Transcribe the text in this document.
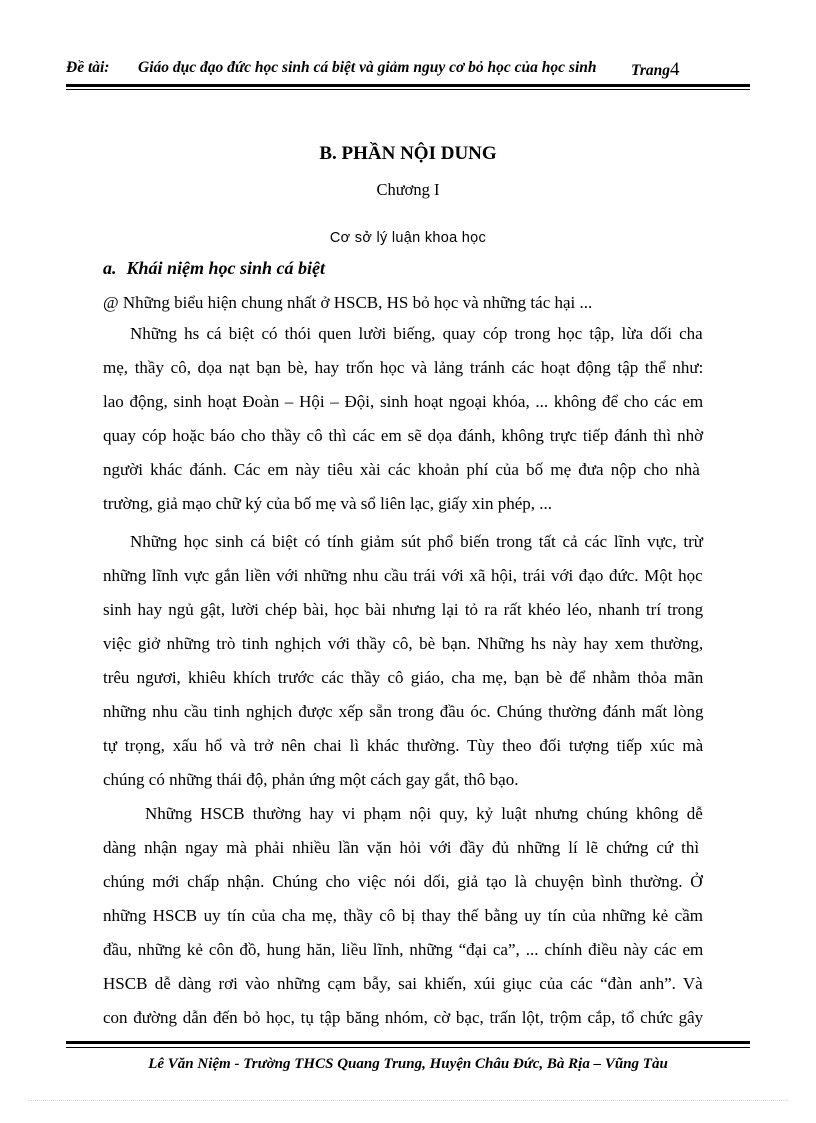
Đề tài: Giáo dục đạo đức học sinh cá biệt và giảm nguy cơ bỏ học của học sinh Trang4
B. PHẦN NỘI DUNG
Chương I
Cơ sở lý luận khoa học
a. Khái niệm học sinh cá biệt
@ Những biểu hiện chung nhất ở HSCB, HS bỏ học và những tác hại ...
Những hs cá biệt có thói quen lười biếng, quay cóp trong học tập, lừa dối cha
mẹ, thầy cô, dọa nạt bạn bè, hay trốn học và lảng tránh các hoạt động tập thể như:
lao động, sinh hoạt Đoàn – Hội – Đội, sinh hoạt ngoại khóa, ... không để cho các em
quay cóp hoặc báo cho thầy cô thì các em sẽ dọa đánh, không trực tiếp đánh thì nhờ
người khác đánh. Các em này tiêu xài các khoản phí của bố mẹ đưa nộp cho nhà
trường, giả mạo chữ ký của bố mẹ và sổ liên lạc, giấy xin phép, ...
Những học sinh cá biệt có tính giảm sút phổ biến trong tất cả các lĩnh vực, trừ
những lĩnh vực gắn liền với những nhu cầu trái với xã hội, trái với đạo đức. Một học
sinh hay ngủ gật, lười chép bài, học bài nhưng lại tỏ ra rất khéo léo, nhanh trí trong
việc giở những trò tinh nghịch với thầy cô, bè bạn. Những hs này hay xem thường,
trêu ngươi, khiêu khích trước các thầy cô giáo, cha mẹ, bạn bè để nhằm thỏa mãn
những nhu cầu tinh nghịch được xếp sẵn trong đầu óc. Chúng thường đánh mất lòng
tự trọng, xấu hổ và trở nên chai lì khác thường. Tùy theo đối tượng tiếp xúc mà
chúng có những thái độ, phản ứng một cách gay gắt, thô bạo.
Những HSCB thường hay vi phạm nội quy, kỷ luật nhưng chúng không dễ
dàng nhận ngay mà phải nhiều lần vặn hỏi với đầy đủ những lí lẽ chứng cứ thì
chúng mới chấp nhận. Chúng cho việc nói dối, giả tạo là chuyện bình thường. Ở
những HSCB uy tín của cha mẹ, thầy cô bị thay thế bằng uy tín của những kẻ cầm
đầu, những kẻ côn đồ, hung hăn, liều lĩnh, những “đại ca”, ... chính điều này các em
HSCB dễ dàng rơi vào những cạm bẫy, sai khiến, xúi giục của các “đàn anh”. Và
con đường dẫn đến bỏ học, tụ tập băng nhóm, cờ bạc, trấn lột, trộm cắp, tổ chức gây
Lê Văn Niệm - Trường THCS Quang Trung, Huyện Châu Đức, Bà Rịa – Vũng Tàu
